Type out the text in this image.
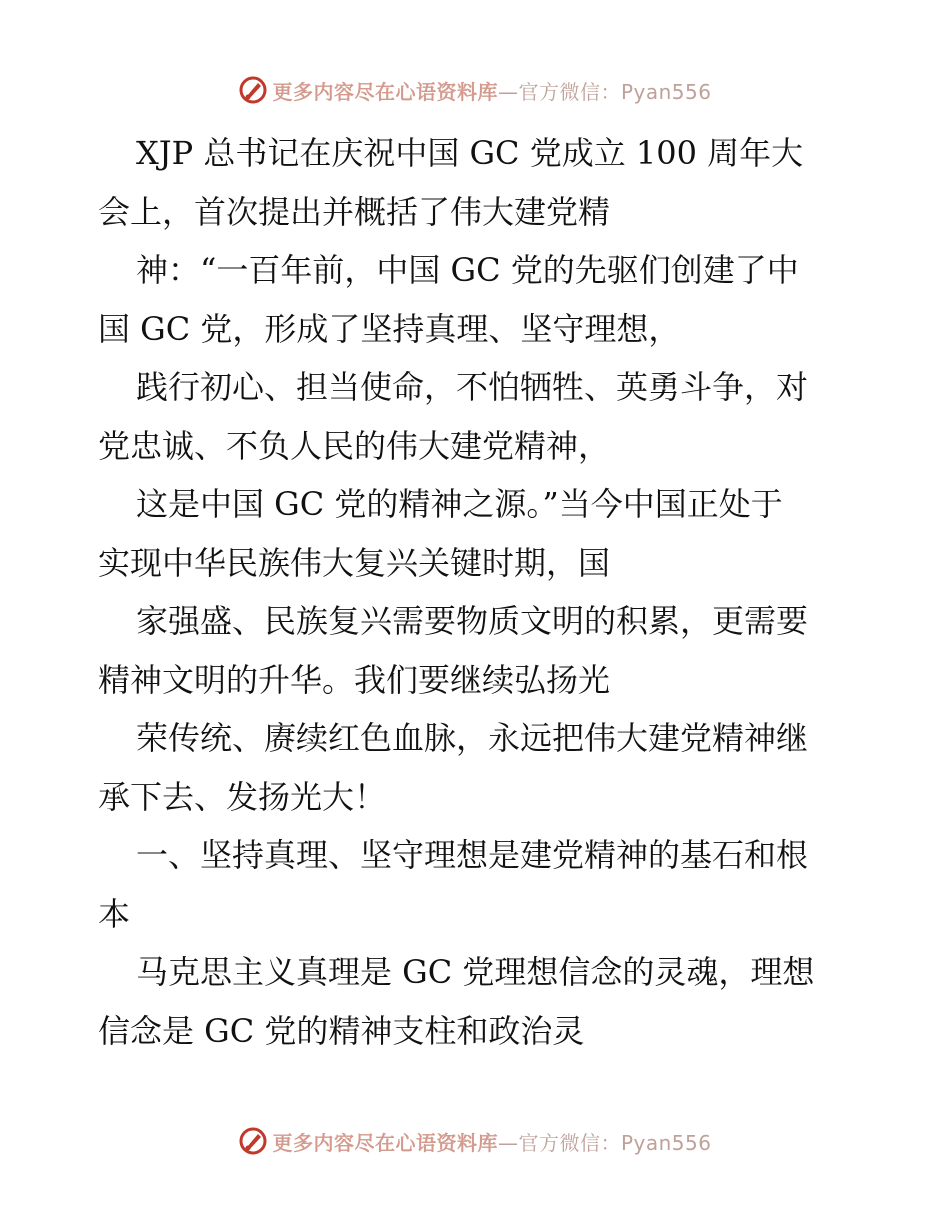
更多内容尽在心语资料库—官方微信：Pyan556
XJP 总书记在庆祝中国 GC 党成立 100 周年大
会上，首次提出并概括了伟大建党精
神：“一百年前，中国 GC 党的先驱们创建了中
国 GC 党，形成了坚持真理、坚守理想，
践行初心、担当使命，不怕牺牲、英勇斗争，对
党忠诚、不负人民的伟大建党精神，
这是中国 GC 党的精神之源。”当今中国正处于
实现中华民族伟大复兴关键时期，国
家强盛、民族复兴需要物质文明的积累，更需要
精神文明的升华。我们要继续弘扬光
荣传统、赓续红色血脉，永远把伟大建党精神继
承下去、发扬光大！
一、坚持真理、坚守理想是建党精神的基石和根
本
马克思主义真理是 GC 党理想信念的灵魂，理想
信念是 GC 党的精神支柱和政治灵
更多内容尽在心语资料库—官方微信：Pyan556
